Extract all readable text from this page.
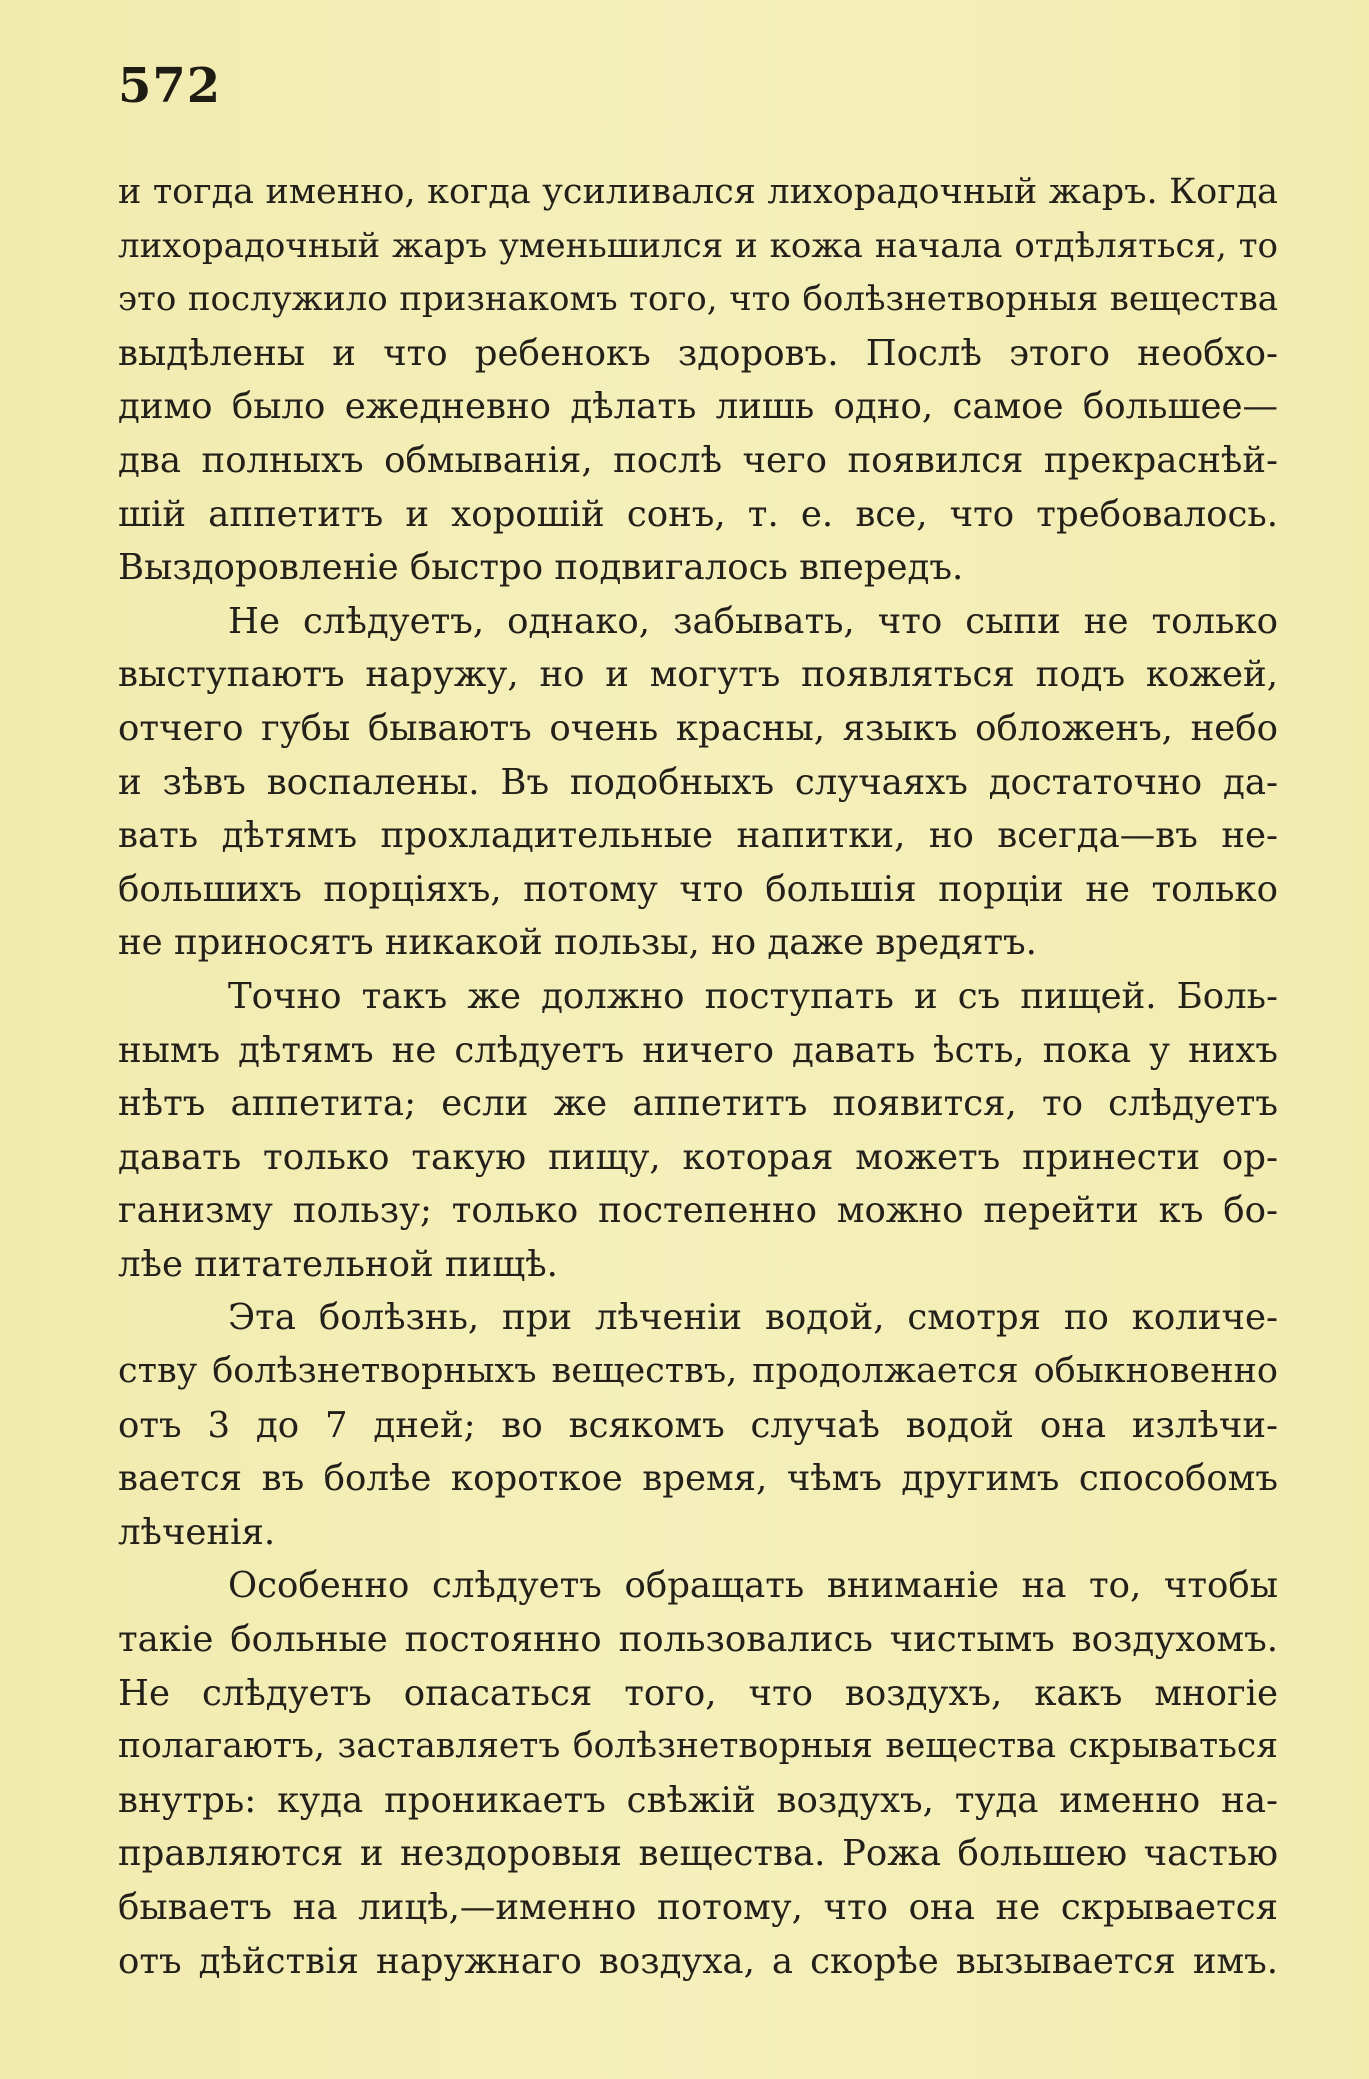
572
и тогда именно, когда усиливался лихорадочный жаръ. Когда
лихорадочный жаръ уменьшился и кожа начала отдѣляться, то
это послужило признакомъ того, что болѣзнетворныя вещества
выдѣлены и что ребенокъ здоровъ. Послѣ этого необхо-
димо было ежедневно дѣлать лишь одно, самое большее—
два полныхъ обмыванія, послѣ чего появился прекраснѣй-
шій аппетитъ и хорошій сонъ, т. е. все, что требовалось.
Выздоровленіе быстро подвигалось впередъ.
Не слѣдуетъ, однако, забывать, что сыпи не только
выступаютъ наружу, но и могутъ появляться подъ кожей,
отчего губы бываютъ очень красны, языкъ обложенъ, небо
и зѣвъ воспалены. Въ подобныхъ случаяхъ достаточно да-
вать дѣтямъ прохладительные напитки, но всегда—въ не-
большихъ порціяхъ, потому что большія порціи не только
не приносятъ никакой пользы, но даже вредятъ.
Точно такъ же должно поступать и съ пищей. Боль-
нымъ дѣтямъ не слѣдуетъ ничего давать ѣсть, пока у нихъ
нѣтъ аппетита; если же аппетитъ появится, то слѣдуетъ
давать только такую пищу, которая можетъ принести ор-
ганизму пользу; только постепенно можно перейти къ бо-
лѣе питательной пищѣ.
Эта болѣзнь, при лѣченіи водой, смотря по количе-
ству болѣзнетворныхъ веществъ, продолжается обыкновенно
отъ 3 до 7 дней; во всякомъ случаѣ водой она излѣчи-
вается въ болѣе короткое время, чѣмъ другимъ способомъ
лѣченія.
Особенно слѣдуетъ обращать вниманіе на то, чтобы
такіе больные постоянно пользовались чистымъ воздухомъ.
Не слѣдуетъ опасаться того, что воздухъ, какъ многіе
полагаютъ, заставляетъ болѣзнетворныя вещества скрываться
внутрь: куда проникаетъ свѣжій воздухъ, туда именно на-
правляются и нездоровыя вещества. Рожа большею частью
бываетъ на лицѣ,—именно потому, что она не скрывается
отъ дѣйствія наружнаго воздуха, а скорѣе вызывается имъ.
